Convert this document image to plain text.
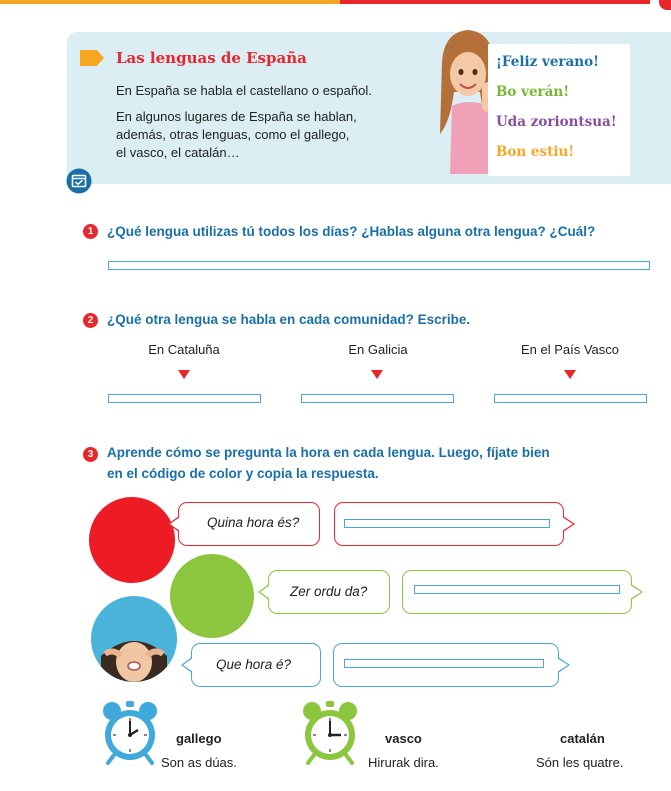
Las lenguas de España
En España se habla el castellano o español.
En algunos lugares de España se hablan,
además, otras lenguas, como el gallego,
el vasco, el catalán…
¡Feliz verano!
Bo verán!
Uda zoriontsua!
Bon estiu!
1	¿Qué lengua utilizas tú todos los días? ¿Hablas alguna otra lengua? ¿Cuál?
2	¿Qué otra lengua se habla en cada comunidad? Escribe.
En Cataluña	En Galicia	En el País Vasco
3	Aprende cómo se pregunta la hora en cada lengua. Luego, fíjate bien
en el código de color y copia la respuesta.
Quina hora és?
Zer ordu da?
Que hora é?
gallego
Son as dúas.
vasco
Hirurak dira.
catalán
Són les quatre.
